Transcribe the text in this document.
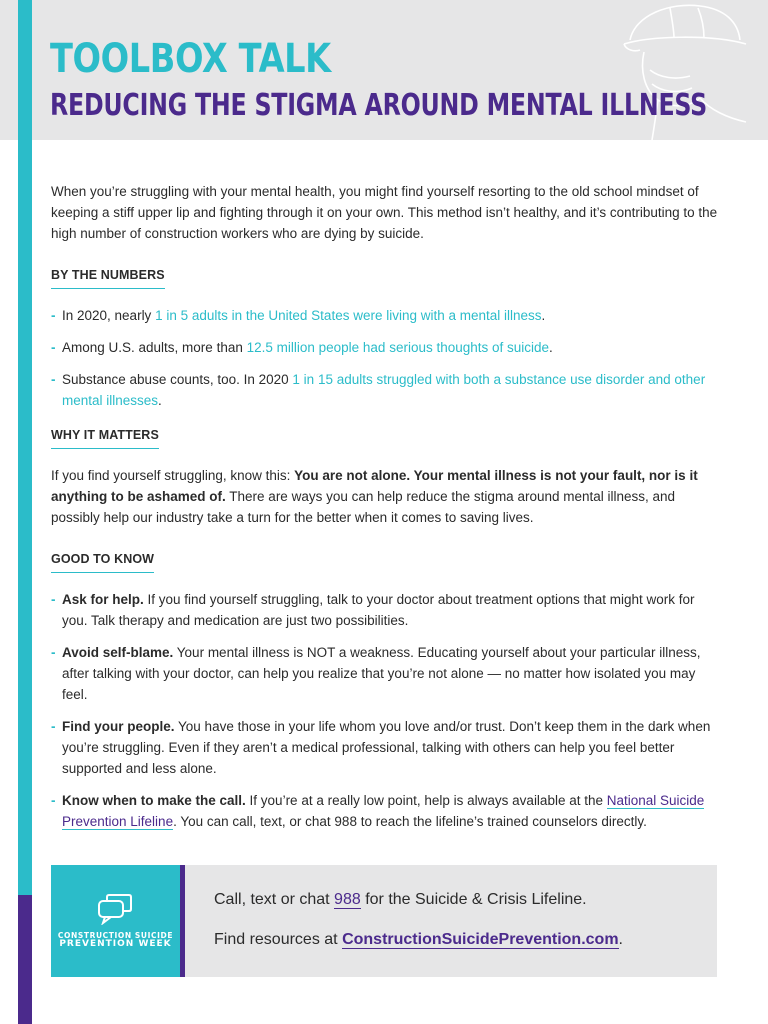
TOOLBOX TALK
REDUCING THE STIGMA AROUND MENTAL ILLNESS

When you’re struggling with your mental health, you might find yourself resorting to the old school mindset of keeping a stiff upper lip and fighting through it on your own. This method isn’t healthy, and it’s contributing to the high number of construction workers who are dying by suicide.

BY THE NUMBERS
- In 2020, nearly 1 in 5 adults in the United States were living with a mental illness.
- Among U.S. adults, more than 12.5 million people had serious thoughts of suicide.
- Substance abuse counts, too. In 2020 1 in 15 adults struggled with both a substance use disorder and other mental illnesses.
WHY IT MATTERS

If you find yourself struggling, know this: You are not alone. Your mental illness is not your fault, nor is it anything to be ashamed of. There are ways you can help reduce the stigma around mental illness, and possibly help our industry take a turn for the better when it comes to saving lives.

GOOD TO KNOW
- Ask for help. If you find yourself struggling, talk to your doctor about treatment options that might work for you. Talk therapy and medication are just two possibilities.
- Avoid self-blame. Your mental illness is NOT a weakness. Educating yourself about your particular illness, after talking with your doctor, can help you realize that you’re not alone — no matter how isolated you may feel.
- Find your people. You have those in your life whom you love and/or trust. Don’t keep them in the dark when you’re struggling. Even if they aren’t a medical professional, talking with others can help you feel better supported and less alone.
- Know when to make the call. If you’re at a really low point, help is always available at the National Suicide Prevention Lifeline. You can call, text, or chat 988 to reach the lifeline’s trained counselors directly.
CONSTRUCTION SUICIDE
PREVENTION WEEK
Call, text or chat 988 for the Suicide & Crisis Lifeline.
Find resources at ConstructionSuicidePrevention.com.
